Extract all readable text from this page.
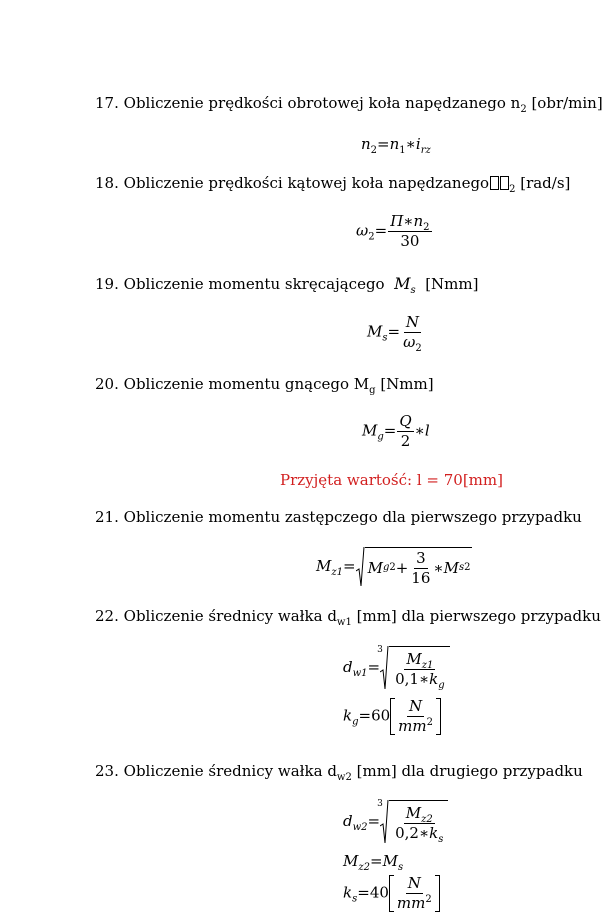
17. Obliczenie prędkości obrotowej koła napędzanego $n_2$ [obr/min]
$n_2=n_1∗i_{rz}$
18. Obliczenie prędkości kątowej koła napędzanego $_2$ [rad/s]
$\omega_2= \frac{\Pi∗n_2}{30}$
19. Obliczenie momentu skręcającego $M_s$ [Nmm]
$M_s= \frac{N}{\omega_2}$
20. Obliczenie momentu gnącego $M_g$ [Nmm]
$M_g= \frac{Q}{2}$ ∗l
Przyjęta wartość: l = 70[mm]
21. Obliczenie momentu zastępczego dla pierwszego przypadku
$M_{z1}= M$ g $2 + \frac{3}{16}$ ∗ M s 2
22. Obliczenie średnicy wałka $d_{w1}$ [mm] dla pierwszego przypadku
$d_{w1}=$
3
$\frac{M_{z1}}{0,1∗k_g}$
$k_g=60 \frac{N}{mm^2}$
23. Obliczenie średnicy wałka $d_{w2}$ [mm] dla drugiego przypadku
$d_{w2}=$
3
$\frac{M_{z2}}{0,2∗k_s}$
$M_{z2}=M_s$
$k_s=40 \frac{N}{mm^2}$
